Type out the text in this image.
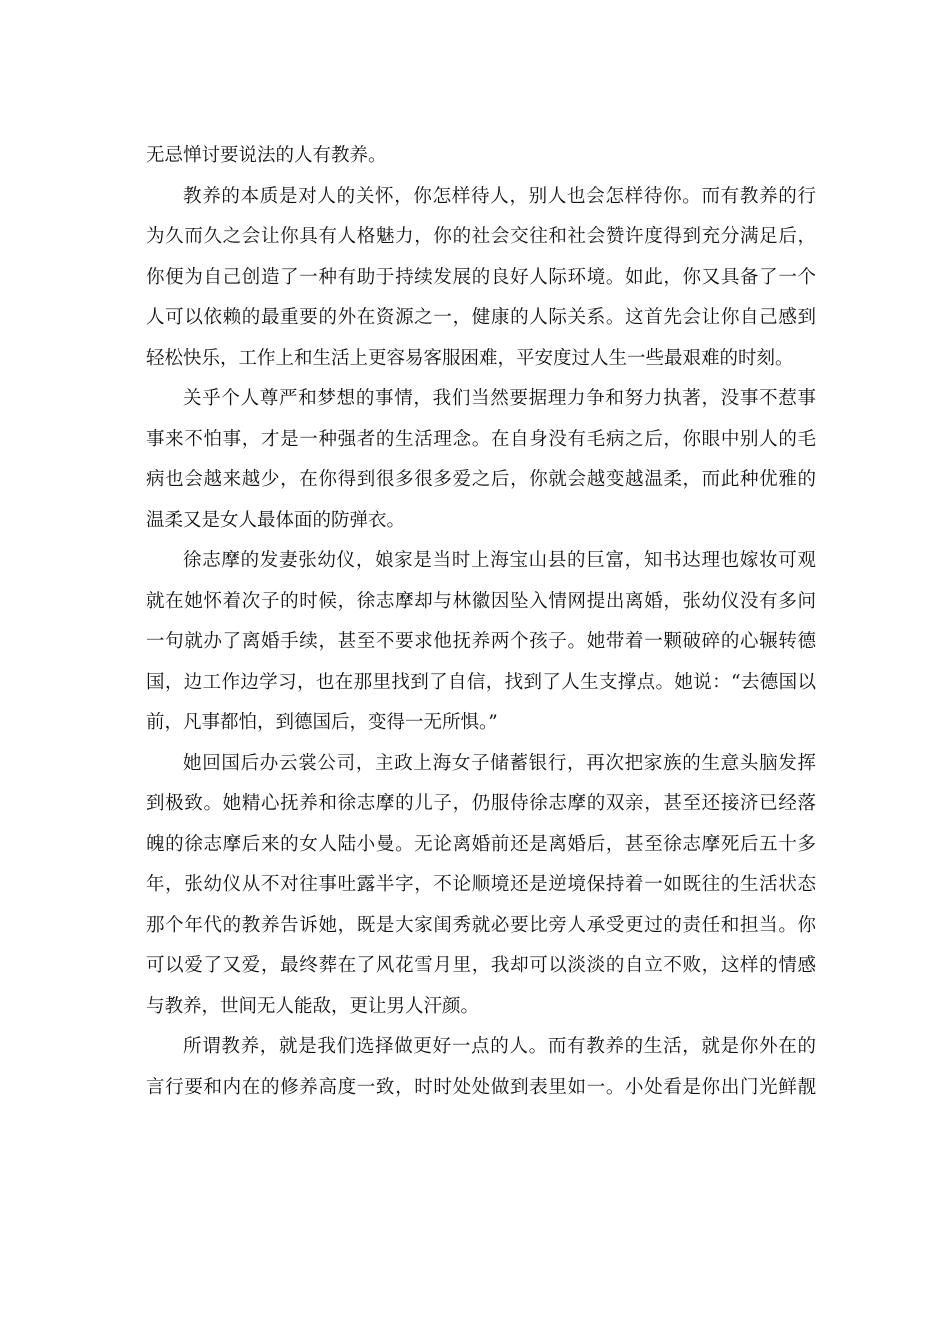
无忌惮讨要说法的人有教养。
教养的本质是对人的关怀，你怎样待人，别人也会怎样待你。而有教养的行
为久而久之会让你具有人格魅力，你的社会交往和社会赞许度得到充分满足后，
你便为自己创造了一种有助于持续发展的良好人际环境。如此，你又具备了一个
人可以依赖的最重要的外在资源之一，健康的人际关系。这首先会让你自己感到
轻松快乐，工作上和生活上更容易客服困难，平安度过人生一些最艰难的时刻。
关乎个人尊严和梦想的事情，我们当然要据理力争和努力执著，没事不惹事
事来不怕事，才是一种强者的生活理念。在自身没有毛病之后，你眼中别人的毛
病也会越来越少，在你得到很多很多爱之后，你就会越变越温柔，而此种优雅的
温柔又是女人最体面的防弹衣。
徐志摩的发妻张幼仪，娘家是当时上海宝山县的巨富，知书达理也嫁妆可观
就在她怀着次子的时候，徐志摩却与林徽因坠入情网提出离婚，张幼仪没有多问
一句就办了离婚手续，甚至不要求他抚养两个孩子。她带着一颗破碎的心辗转德
国，边工作边学习，也在那里找到了自信，找到了人生支撑点。她说：“去德国以
前，凡事都怕，到德国后，变得一无所惧。”
她回国后办云裳公司，主政上海女子储蓄银行，再次把家族的生意头脑发挥
到极致。她精心抚养和徐志摩的儿子，仍服侍徐志摩的双亲，甚至还接济已经落
魄的徐志摩后来的女人陆小曼。无论离婚前还是离婚后，甚至徐志摩死后五十多
年，张幼仪从不对往事吐露半字，不论顺境还是逆境保持着一如既往的生活状态
那个年代的教养告诉她，既是大家闺秀就必要比旁人承受更过的责任和担当。你
可以爱了又爱，最终葬在了风花雪月里，我却可以淡淡的自立不败，这样的情感
与教养，世间无人能敌，更让男人汗颜。
所谓教养，就是我们选择做更好一点的人。而有教养的生活，就是你外在的
言行要和内在的修养高度一致，时时处处做到表里如一。小处看是你出门光鲜靓
